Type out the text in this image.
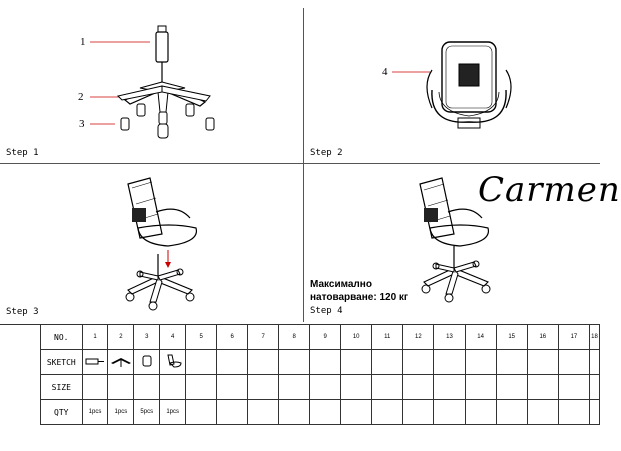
1
2
3
Step 1
4
Step 2
Step 3	Step 4
Carmen
Максимално
натоварване: 120 кг
	NO.	1	2	3	4	5	6	7	8	9	10	11	12	13	14	15	16	17	18
	SKETCH	

	SIZE																		
	QTY	1pcs	1pcs	5pcs	1pcs														
